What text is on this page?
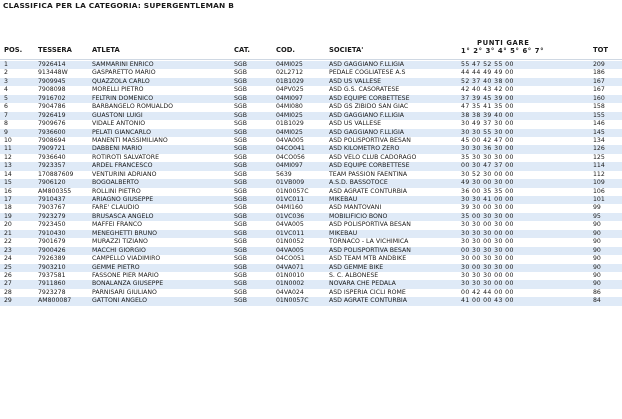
CLASSIFICA PER LA CATEGORIA: SUPERGENTLEMAN B
PUNTI GARE
1° 2° 3° 4° 5° 6° 7°
POS. TESSERA	ATLETA	CAT.	COD.	SOCIETA'	TOT
1	7926414	SAMMARINI ENRICO	SGB	04MI025	ASD GAGGIANO F.LLIGIA	55 47 52 55 00	209
2	913448W	GASPARETTO MARIO	SGB	02L2712	PEDALE COGLIATESE A.S	44 44 49 49 00	186
3	7909945	QUAZZOLA CARLO	SGB	01B1029	ASD US VALLESE	52 37 40 38 00	167
4	7908098	MORELLI PIETRO	SGB	04PV025	ASD G.S. CASORATESE	42 40 43 42 00	167
5	7916702	FELTRIN DOMENICO	SGB	04MI097	ASD EQUIPE CORBETTESE	37 39 45 39 00	160
6	7904786	BARBANGELO ROMUALDO	SGB	04MI080	ASD GS ZIBIDO SAN GIAC	47 35 41 35 00	158
7	7926419	GUASTONI LUIGI	SGB	04MI025	ASD GAGGIANO F.LLIGIA	38 38 39 40 00	155
8	7909676	VIDALE ANTONIO	SGB	01B1029	ASD US VALLESE	30 49 37 30 00	146
9	7936600	PELATI GIANCARLO	SGB	04MI025	ASD GAGGIANO F.LLIGIA	30 30 55 30 00	145
10	7908694	MANENTI MASSIMILIANO	SGB	04VA005	ASD POLISPORTIVA BESAN	45 00 42 47 00	134
11	7909721	DABBENI MARIO	SGB	04CO041	ASD KILOMETRO ZERO	30 30 36 30 00	126
12	7936640	ROTIROTI SALVATORE	SGB	04CO056	ASD VELO CLUB CADORAGO	35 30 30 30 00	125
13	7923357	ARDEL FRANCESCO	SGB	04MI097	ASD EQUIPE CORBETTESE	00 30 47 37 00	114
14	170887609	VENTURINI ADRIANO	SGB	5639	TEAM PASSION FAENTINA	30 52 30 00 00	112
15	7906120	BOGOALBERTO	SGB	01VB009	A.S.D. BASSOTOCE	49 30 00 30 00	109
16	AM800355	ROLLINI PIETRO	SGB	01N0057C	ASD AGRATE CONTURBIA	36 00 35 35 00	106
17	7910437	ARIAGNO GIUSEPPE	SGB	01VC011	MIKEBAU	30 30 41 00 00	101
18	7903767	FARE' CLAUDIO	SGB	04MI160	ASD MANTOVANI	39 30 00 30 00	99
19	7923279	BRUSASCA ANGELO	SGB	01VC036	MOBILIFICIO BONO	35 00 30 30 00	95
20	7923450	MAFFEI FRANCO	SGB	04VA005	ASD POLISPORTIVA BESAN	30 30 00 30 00	90
21	7910430	MENEGHETTI BRUNO	SGB	01VC011	MIKEBAU	30 30 30 00 00	90
22	7901679	MURAZZI TIZIANO	SGB	01N0052	TORNACO - LA VICHIMICA	30 30 00 30 00	90
23	7900426	MACCHI GIORGIO	SGB	04VA005	ASD POLISPORTIVA BESAN	00 30 30 30 00	90
24	7926389	CAMPELLO VIADIMIRO	SGB	04CO051	ASD TEAM MTB ANDBIKE	30 00 30 30 00	90
25	7903210	GEMME PIETRO	SGB	04VA071	ASD GEMME BIKE	30 00 30 30 00	90
26	7937581	FASSONE PIER MARIO	SGB	01N0010	S. C. ALBONESE	30 30 30 00 00	90
27	7911860	BONALANZA GIUSEPPE	SGB	01N0002	NOVARA CHE PEDALA	30 30 30 00 00	90
28	7923278	PARNISARI GIULIANO	SGB	04VA024	ASD ISPERIA CICLI ROME	00 42 44 00 00	86
29	AM800087	GATTONI ANGELO	SGB	01N0057C	ASD AGRATE CONTURBIA	41 00 00 43 00	84
